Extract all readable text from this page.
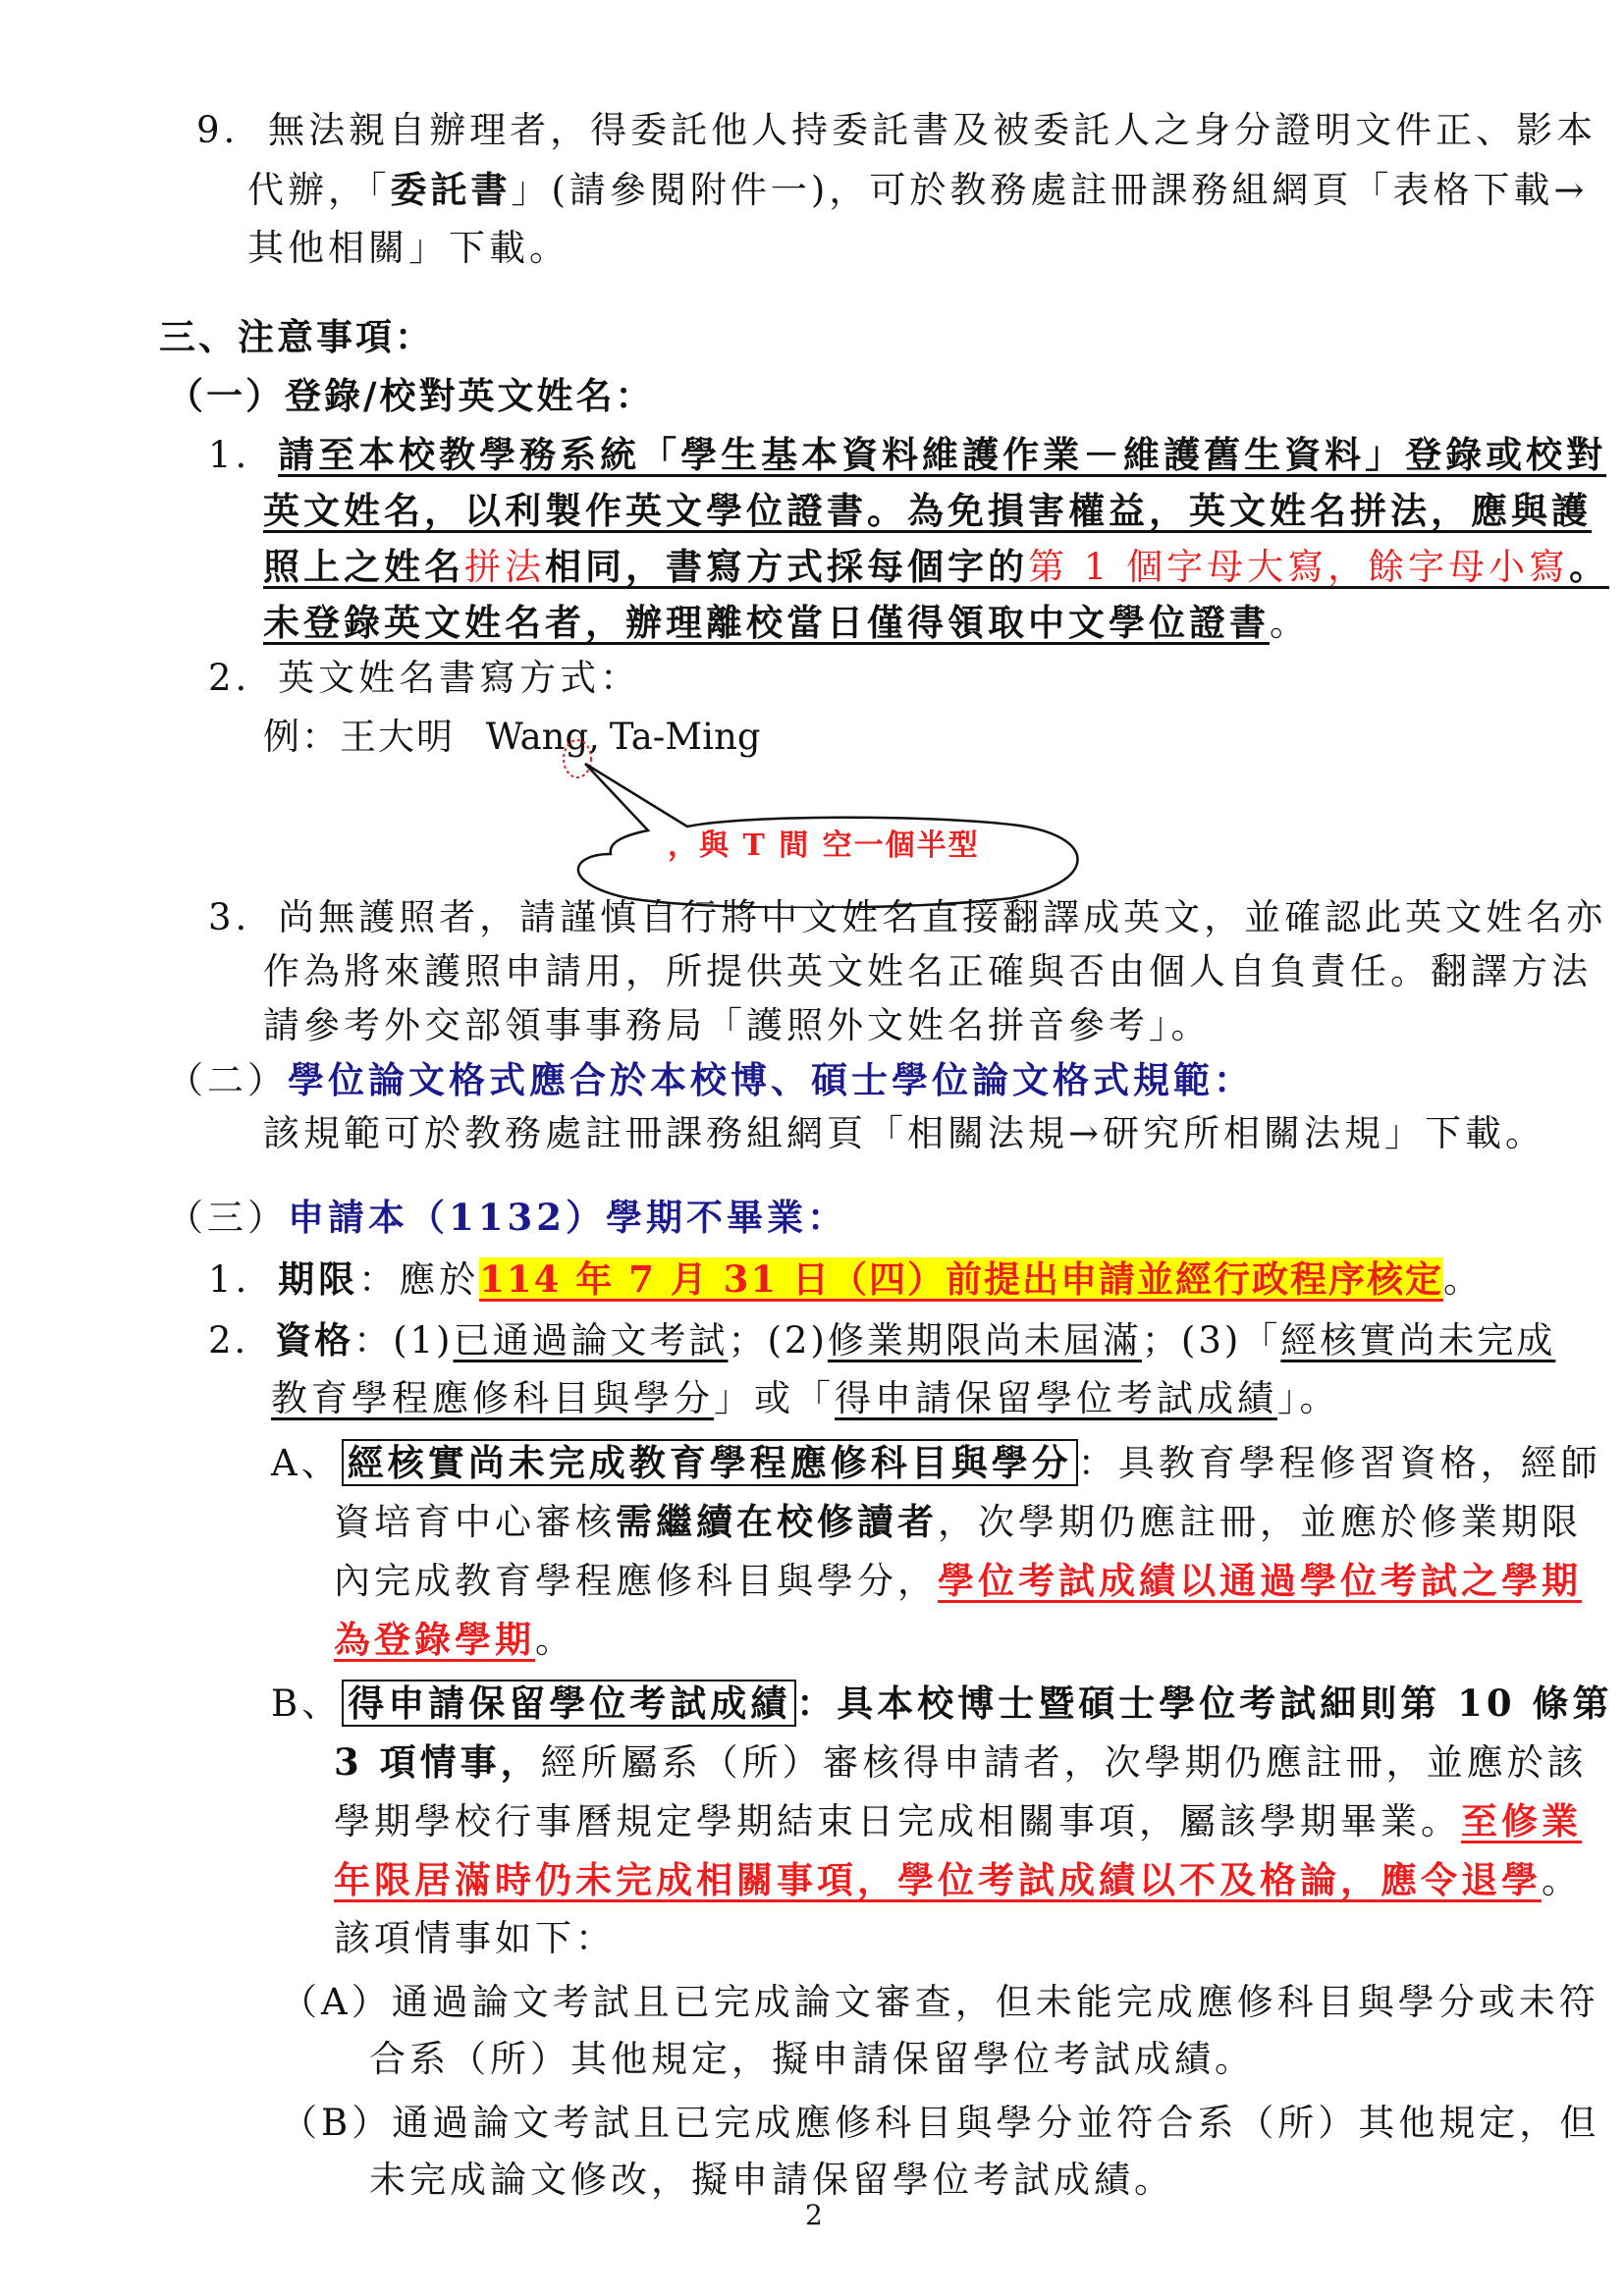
9. 無法親自辦理者，得委託他人持委託書及被委託人之身分證明文件正、影本
代辦，「委託書」(請參閱附件一)，可於教務處註冊課務組網頁「表格下載→
其他相關」下載。
三、注意事項：
（一）登錄/校對英文姓名：
1. 請至本校教學務系統「學生基本資料維護作業－維護舊生資料」登錄或校對
英文姓名，以利製作英文學位證書。為免損害權益，英文姓名拼法，應與護
照上之姓名拼法相同，書寫方式採每個字的第 1 個字母大寫，餘字母小寫。
未登錄英文姓名者，辦理離校當日僅得領取中文學位證書。
2. 英文姓名書寫方式：
例：王大明 Wang, Ta-Ming
，與 T 間 空一個半型
3. 尚無護照者，請謹慎自行將中文姓名直接翻譯成英文，並確認此英文姓名亦
作為將來護照申請用，所提供英文姓名正確與否由個人自負責任。翻譯方法
請參考外交部領事事務局「護照外文姓名拼音參考」。
（二）學位論文格式應合於本校博、碩士學位論文格式規範：
該規範可於教務處註冊課務組網頁「相關法規→研究所相關法規」下載。
（三）申請本（1132）學期不畢業：
1. 期限：應於114 年 7 月 31 日（四）前提出申請並經行政程序核定。
2. 資格：(1)已通過論文考試；(2)修業期限尚未屆滿；(3)「經核實尚未完成
教育學程應修科目與學分」或「得申請保留學位考試成績」。
A、 經核實尚未完成教育學程應修科目與學分 ：具教育學程修習資格，經師
資培育中心審核需繼續在校修讀者，次學期仍應註冊，並應於修業期限
內完成教育學程應修科目與學分，學位考試成績以通過學位考試之學期
為登錄學期。
B、 得申請保留學位考試成績 ：具本校博士暨碩士學位考試細則第 10 條第
3 項情事，經所屬系（所）審核得申請者，次學期仍應註冊，並應於該
學期學校行事曆規定學期結束日完成相關事項，屬該學期畢業。至修業
年限居滿時仍未完成相關事項，學位考試成績以不及格論，應令退學。
該項情事如下：
（A）通過論文考試且已完成論文審查，但未能完成應修科目與學分或未符
合系（所）其他規定，擬申請保留學位考試成績。
（B）通過論文考試且已完成應修科目與學分並符合系（所）其他規定，但
未完成論文修改，擬申請保留學位考試成績。
2
